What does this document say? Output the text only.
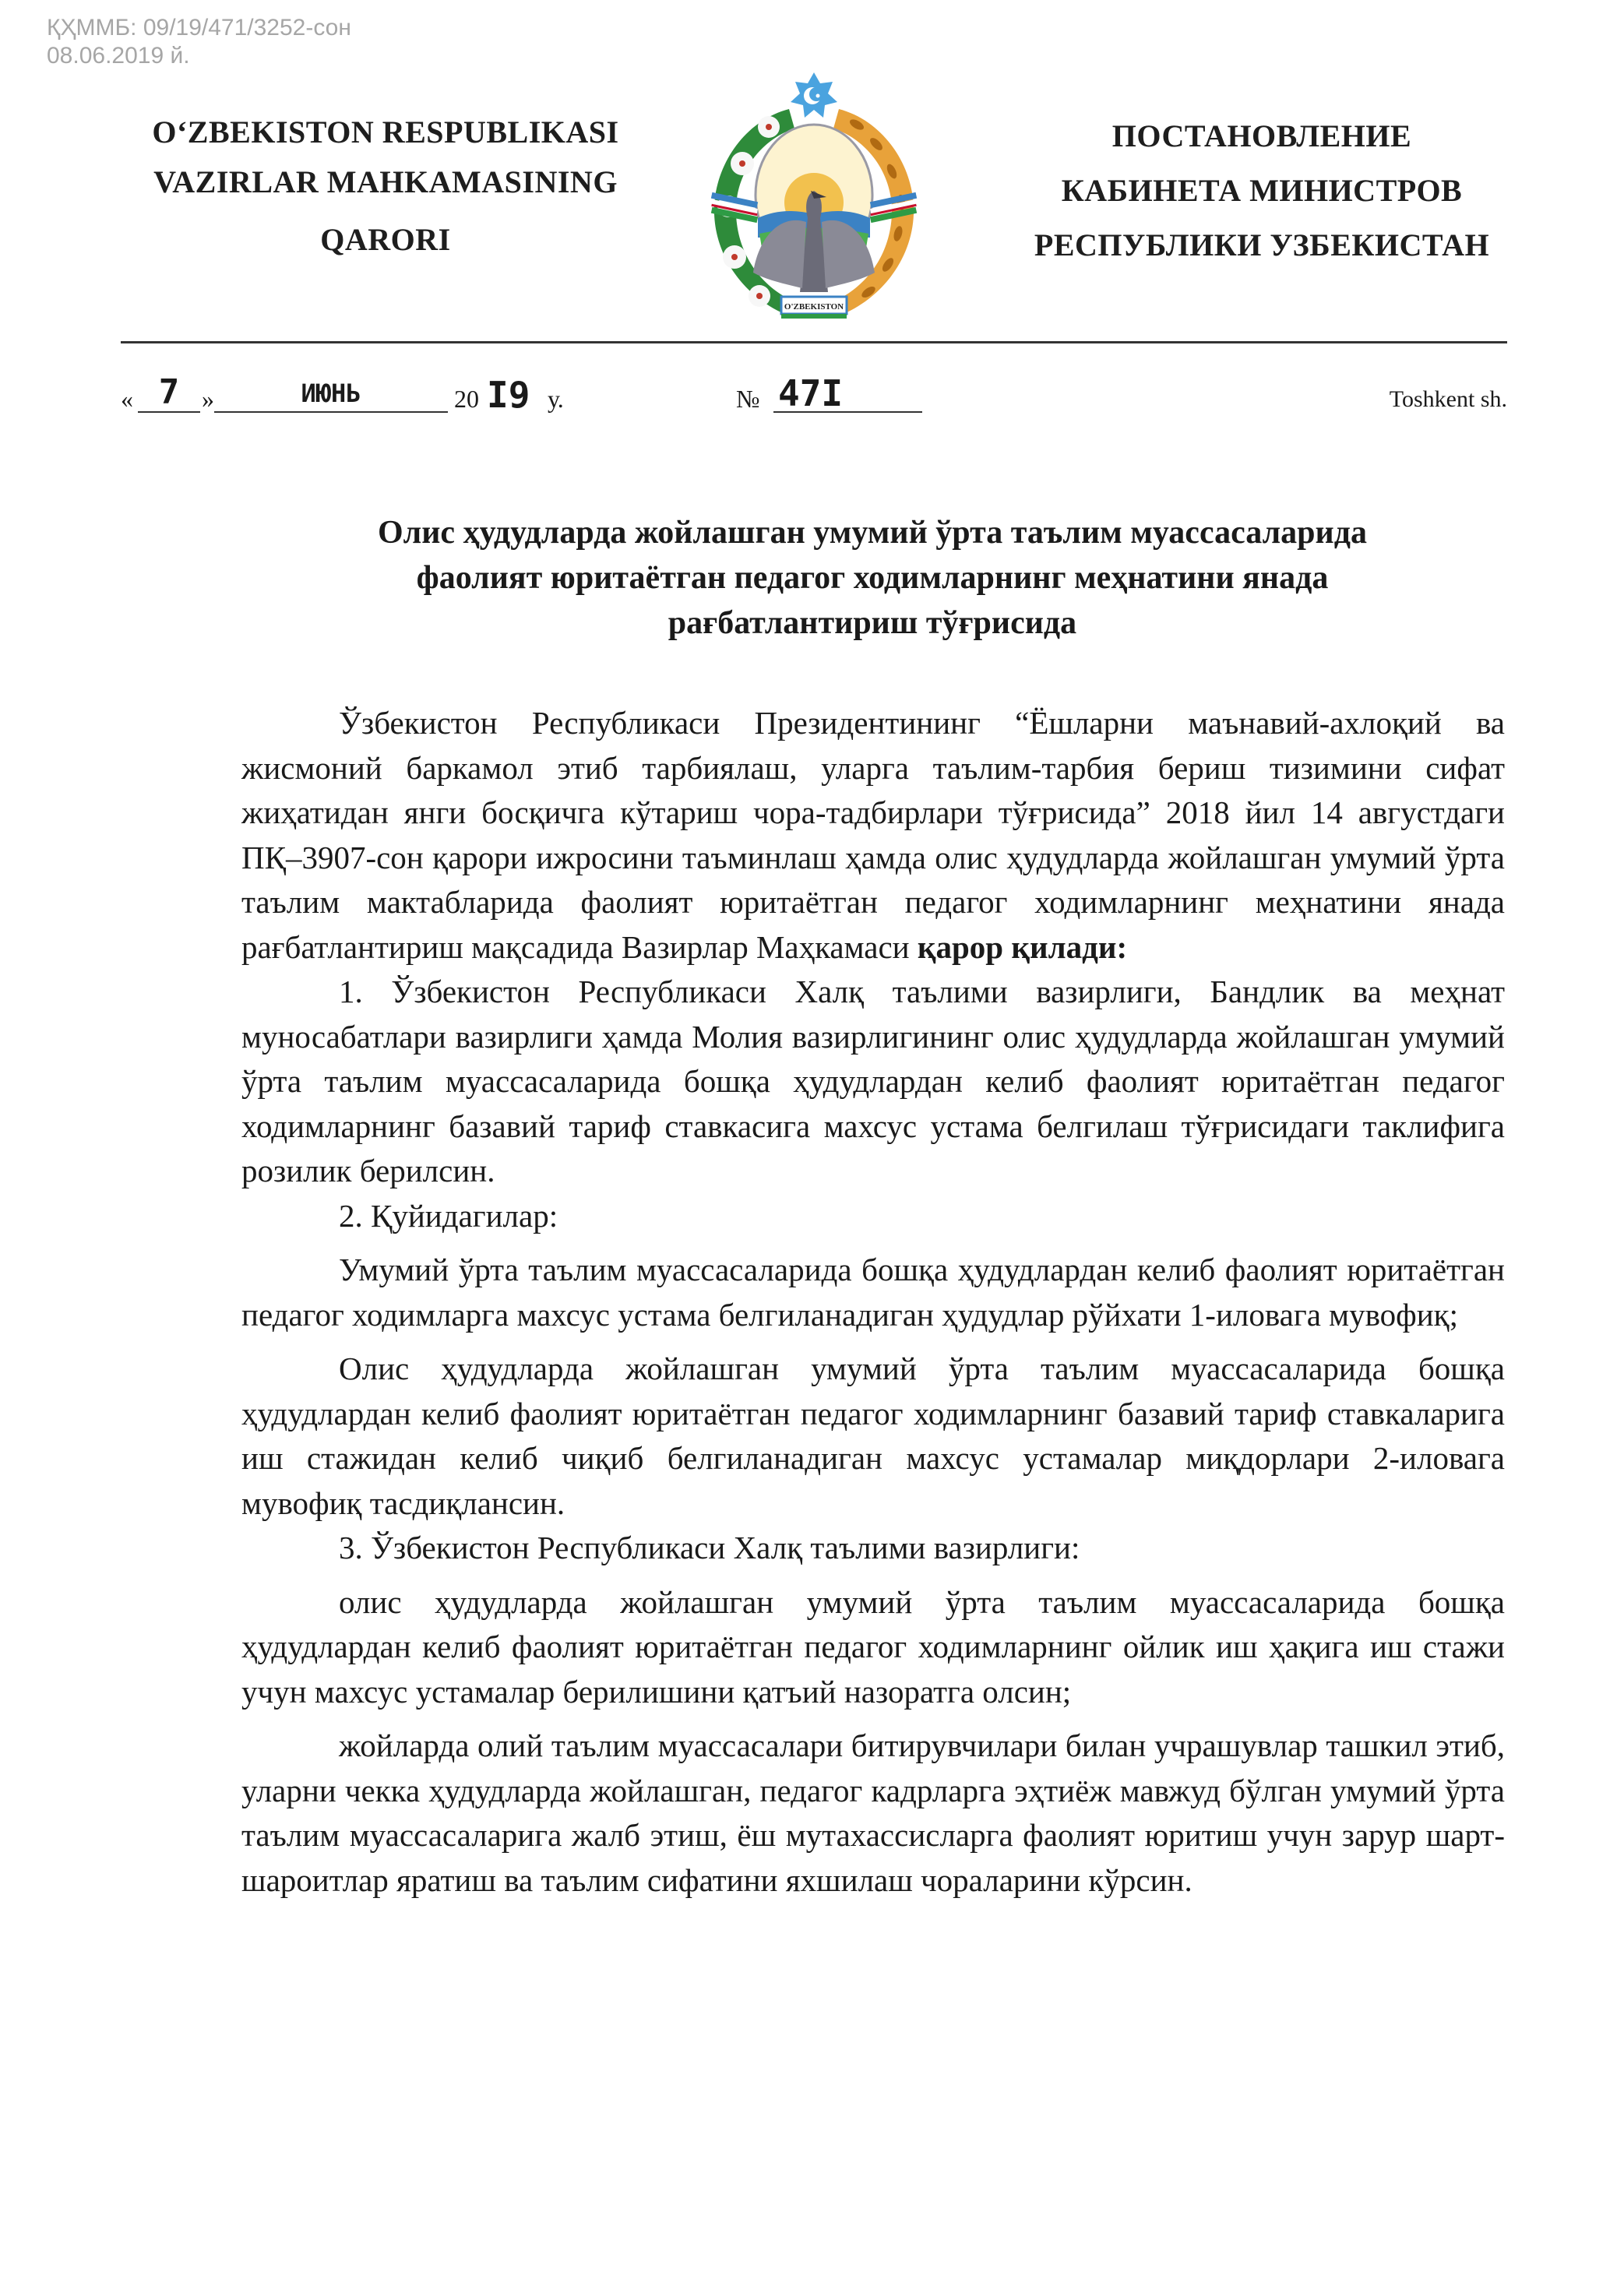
ҚҲММБ: 09/19/471/3252-сон
08.06.2019 й.
O‘ZBEKISTON RESPUBLIKASI
VAZIRLAR MAHKAMASINING
QARORI
O'ZBEKISTON
ПОСТАНОВЛЕНИЕ
КАБИНЕТА МИНИСТРОВ
РЕСПУБЛИКИ УЗБЕКИСТАН
« 7 »	ИЮНЬ	20 I9 у.	№ 47I	Toshkent sh.
Олис ҳудудларда жойлашган умумий ўрта таълим муассасаларида
фаолият юритаётган педагог ходимларнинг меҳнатини янада
рағбатлантириш тўғрисида

Ўзбекистон Республикаси Президентининг “Ёшларни маънавий-ахлоқий ва жисмоний баркамол этиб тарбиялаш, уларга таълим-тарбия бериш тизимини сифат жиҳатидан янги босқичга кўтариш чора-тадбирлари тўғрисида” 2018 йил 14 августдаги ПҚ–3907-сон қарори ижросини таъминлаш ҳамда олис ҳудудларда жойлашган умумий ўрта таълим мактабларида фаолият юритаётган педагог ходимларнинг меҳнатини янада рағбатлантириш мақсадида Вазирлар Маҳкамаси қарор қилади:

1. Ўзбекистон Республикаси Халқ таълими вазирлиги, Бандлик ва меҳнат муносабатлари вазирлиги ҳамда Молия вазирлигининг олис ҳудудларда жойлашган умумий ўрта таълим муассасаларида бошқа ҳудудлардан келиб фаолият юритаётган педагог ходимларнинг базавий тариф ставкасига махсус устама белгилаш тўғрисидаги таклифига розилик берилсин.

2. Қуйидагилар:

Умумий ўрта таълим муассасаларида бошқа ҳудудлардан келиб фаолият юритаётган педагог ходимларга махсус устама белгиланадиган ҳудудлар рўйхати 1-иловага мувофиқ;

Олис ҳудудларда жойлашган умумий ўрта таълим муассасаларида бошқа ҳудудлардан келиб фаолият юритаётган педагог ходимларнинг базавий тариф ставкаларига иш стажидан келиб чиқиб белгиланадиган махсус устамалар миқдорлари 2-иловага мувофиқ тасдиқлансин.

3. Ўзбекистон Республикаси Халқ таълими вазирлиги:

олис ҳудудларда жойлашган умумий ўрта таълим муассасаларида бошқа ҳудудлардан келиб фаолият юритаётган педагог ходимларнинг ойлик иш ҳақига иш стажи учун махсус устамалар берилишини қатъий назоратга олсин;

жойларда олий таълим муассасалари битирувчилари билан учрашувлар ташкил этиб, уларни чекка ҳудудларда жойлашган, педагог кадрларга эҳтиёж мавжуд бўлган умумий ўрта таълим муассасаларига жалб этиш, ёш мутахассисларга фаолият юритиш учун зарур шарт-шароитлар яратиш ва таълим сифатини яхшилаш чораларини кўрсин.
